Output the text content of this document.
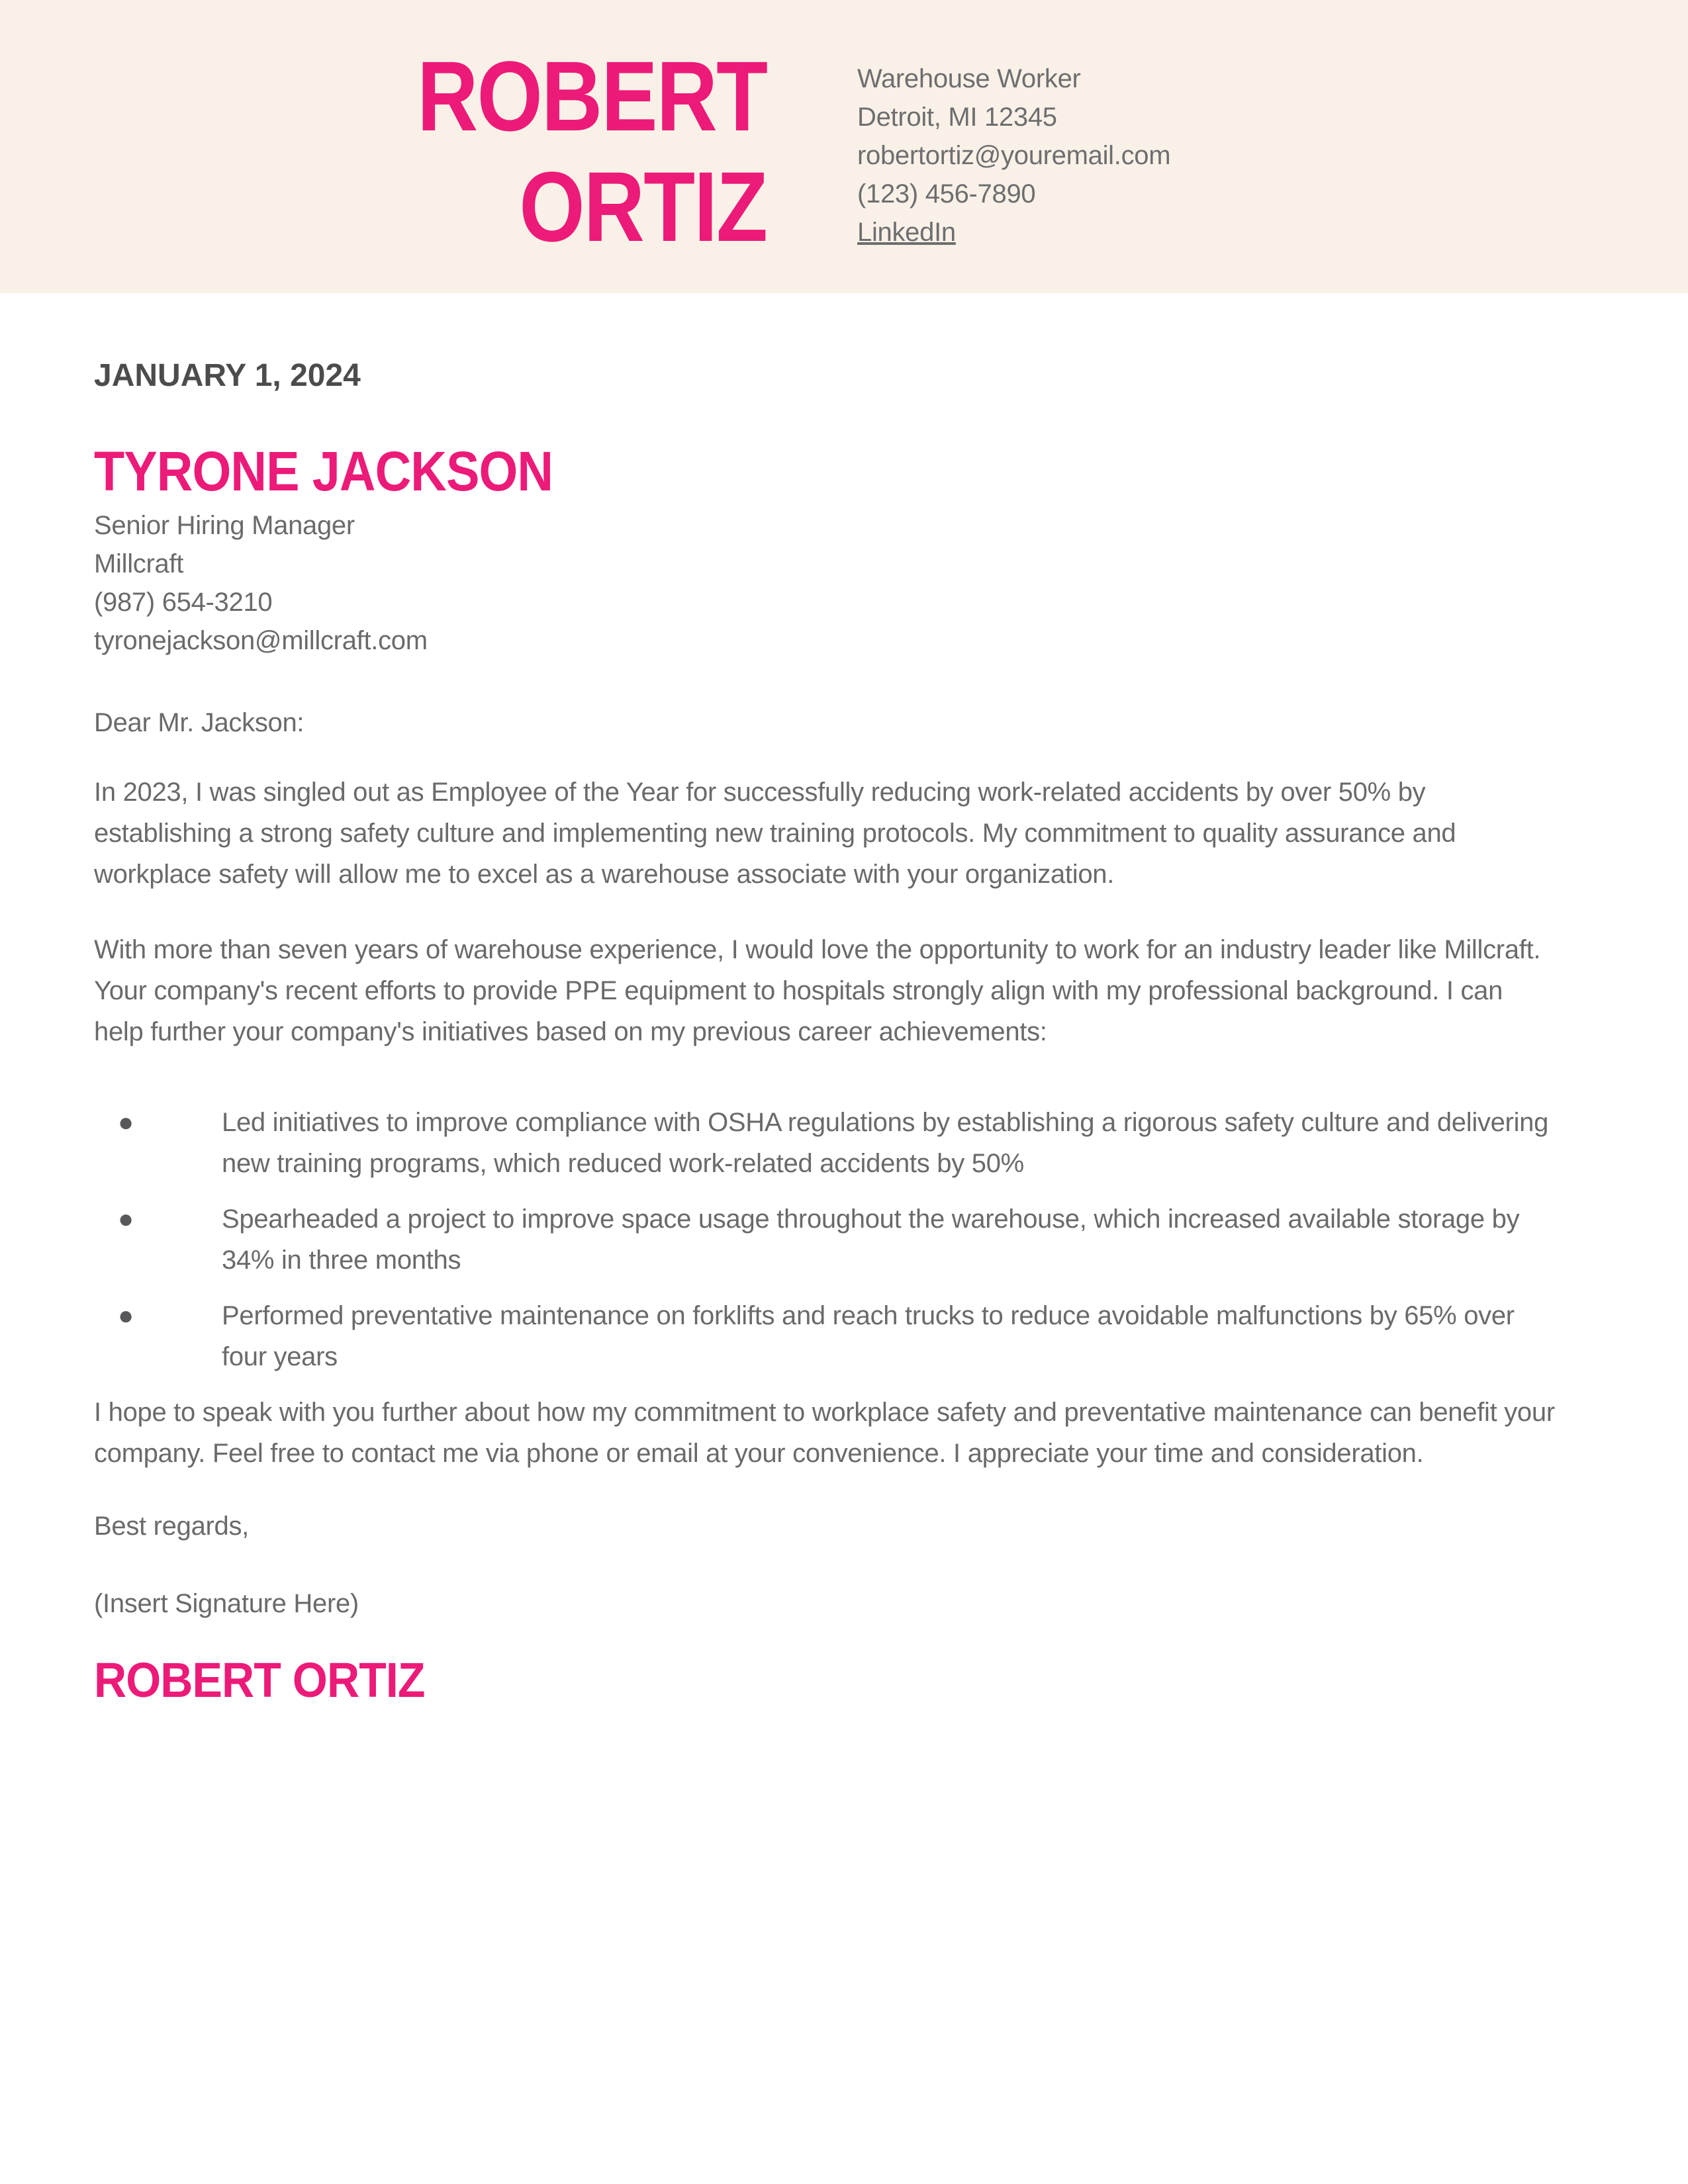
ROBERT
ORTIZ
Warehouse Worker
Detroit, MI 12345
robertortiz@youremail.com
(123) 456-7890
LinkedIn

JANUARY 1, 2024

TYRONE JACKSON
Senior Hiring Manager
Millcraft
(987) 654-3210
tyronejackson@millcraft.com

Dear Mr. Jackson:

In 2023, I was singled out as Employee of the Year for successfully reducing work-related accidents by over 50% by establishing a strong safety culture and implementing new training protocols. My commitment to quality assurance and workplace safety will allow me to excel as a warehouse associate with your organization.

With more than seven years of warehouse experience, I would love the opportunity to work for an industry leader like Millcraft. Your company's recent efforts to provide PPE equipment to hospitals strongly align with my professional background. I can help further your company's initiatives based on my previous career achievements:

●	Led initiatives to improve compliance with OSHA regulations by establishing a rigorous safety culture and delivering new training programs, which reduced work-related accidents by 50%
●	Spearheaded a project to improve space usage throughout the warehouse, which increased available storage by 34% in three months
●	Performed preventative maintenance on forklifts and reach trucks to reduce avoidable malfunctions by 65% over four years

I hope to speak with you further about how my commitment to workplace safety and preventative maintenance can benefit your company. Feel free to contact me via phone or email at your convenience. I appreciate your time and consideration.

Best regards,

(Insert Signature Here)

ROBERT ORTIZ
